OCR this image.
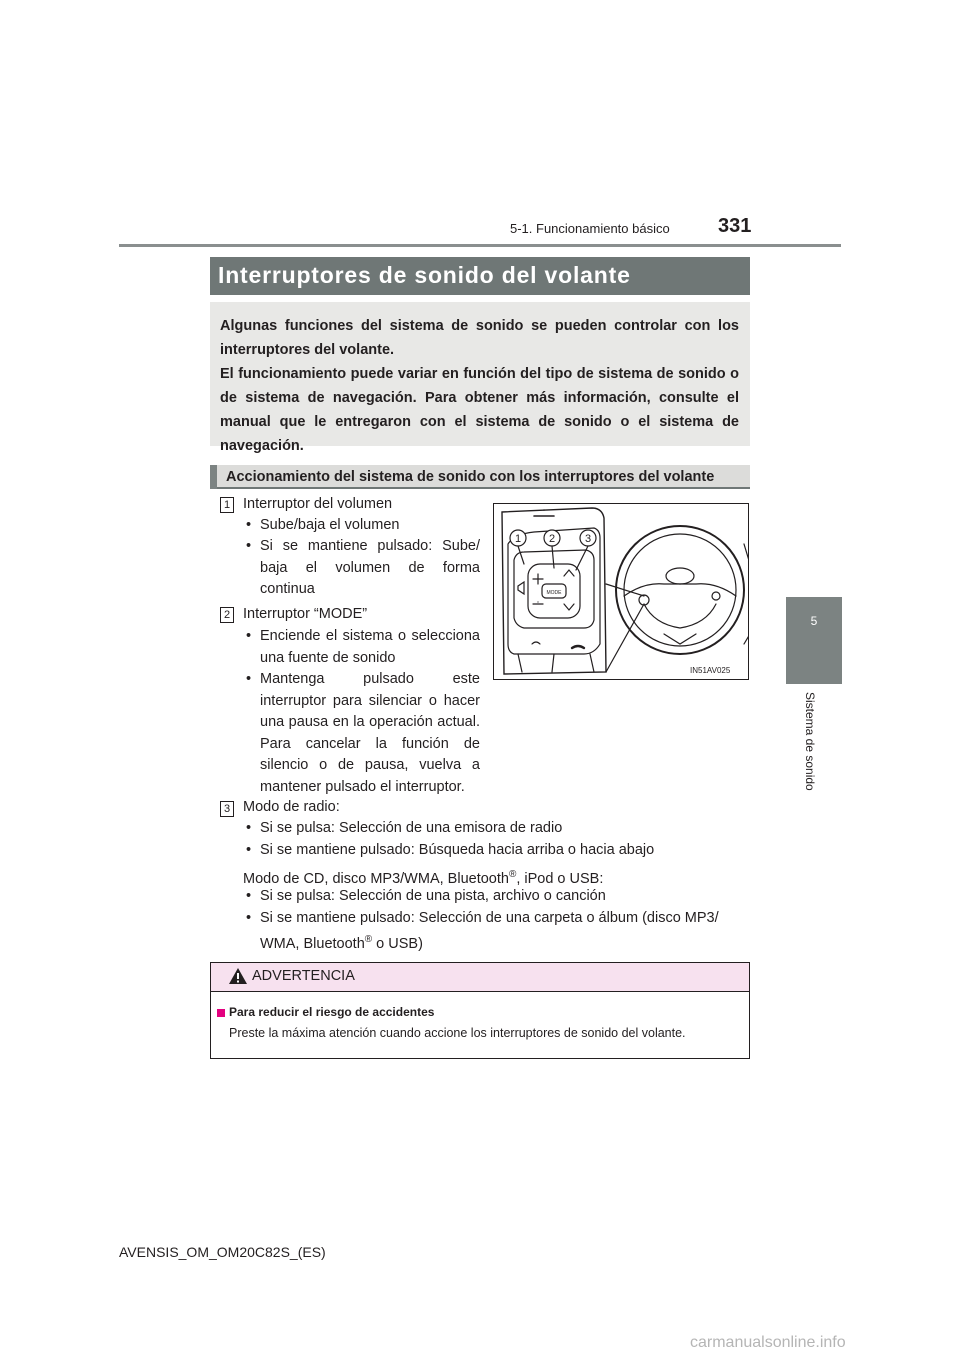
5-1. Funcionamiento básico 331
5
Sistema de sonido
Interruptores de sonido del volante

Algunas funciones del sistema de sonido se pueden controlar con los interruptores del volante.

El funcionamiento puede variar en función del tipo de sistema de sonido o de sistema de navegación. Para obtener más información, consulte el manual que le entregaron con el sistema de sonido o el sistema de navegación.

Accionamiento del sistema de sonido con los interruptores del volante
1 Interruptor del volumen
• Sube/baja el volumen
• Si se mantiene pulsado: Sube/ baja el volumen de forma continua
2 Interruptor “MODE”
• Enciende el sistema o selecciona una fuente de sonido
• Mantenga pulsado este interruptor para silenciar o hacer una pausa en la operación actual. Para cancelar la función de silencio o de pausa, vuelva a mantener pulsado el interruptor.
1	2	3
MODE
IN51AV025
3 Modo de radio:
• Si se pulsa: Selección de una emisora de radio
• Si se mantiene pulsado: Búsqueda hacia arriba o hacia abajo
Modo de CD, disco MP3/WMA, Bluetooth®, iPod o USB:
• Si se pulsa: Selección de una pista, archivo o canción
• Si se mantiene pulsado: Selección de una carpeta o álbum (disco MP3/
WMA, Bluetooth® o USB)
ADVERTENCIA
Para reducir el riesgo de accidentes
Preste la máxima atención cuando accione los interruptores de sonido del volante.
AVENSIS_OM_OM20C82S_(ES)
carmanualsonline.info
